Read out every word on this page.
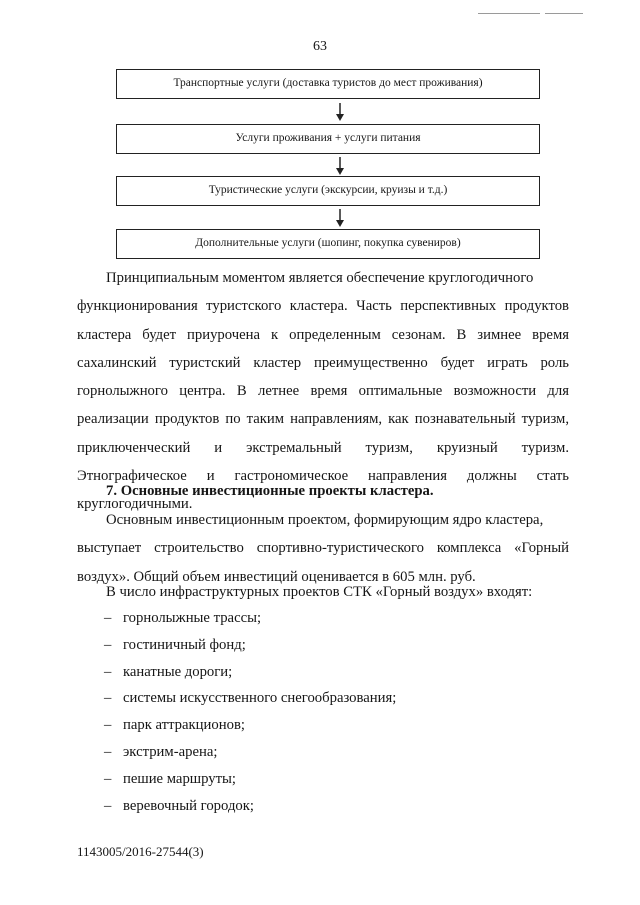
63
Транспортные услуги (доставка туристов до мест проживания)
Услуги проживания + услуги питания
Туристические услуги (экскурсии, круизы и т.д.)
Дополнительные услуги (шопинг, покупка сувениров)

Принципиальным моментом является обеспечение круглогодичного
функционирования туристского кластера. Часть перспективных продуктов кластера будет приурочена к определенным сезонам. В зимнее время сахалинский туристский кластер преимущественно будет играть роль горнолыжного центра. В летнее время оптимальные возможности для реализации продуктов по таким направлениям, как познавательный туризм, приключенческий и экстремальный туризм, круизный туризм. Этнографическое и гастрономическое направления должны стать круглогодичными.

7. Основные инвестиционные проекты кластера.

Основным инвестиционным проектом, формирующим ядро кластера,
выступает строительство спортивно-туристического комплекса «Горный воздух». Общий объем инвестиций оценивается в 605 млн. руб.

В число инфраструктурных проектов СТК «Горный воздух» входят:
– горнолыжные трассы;
– гостиничный фонд;
– канатные дороги;
– системы искусственного снегообразования;
– парк аттракционов;
– экстрим-арена;
– пешие маршруты;
– веревочный городок;
1143005/2016-27544(3)
